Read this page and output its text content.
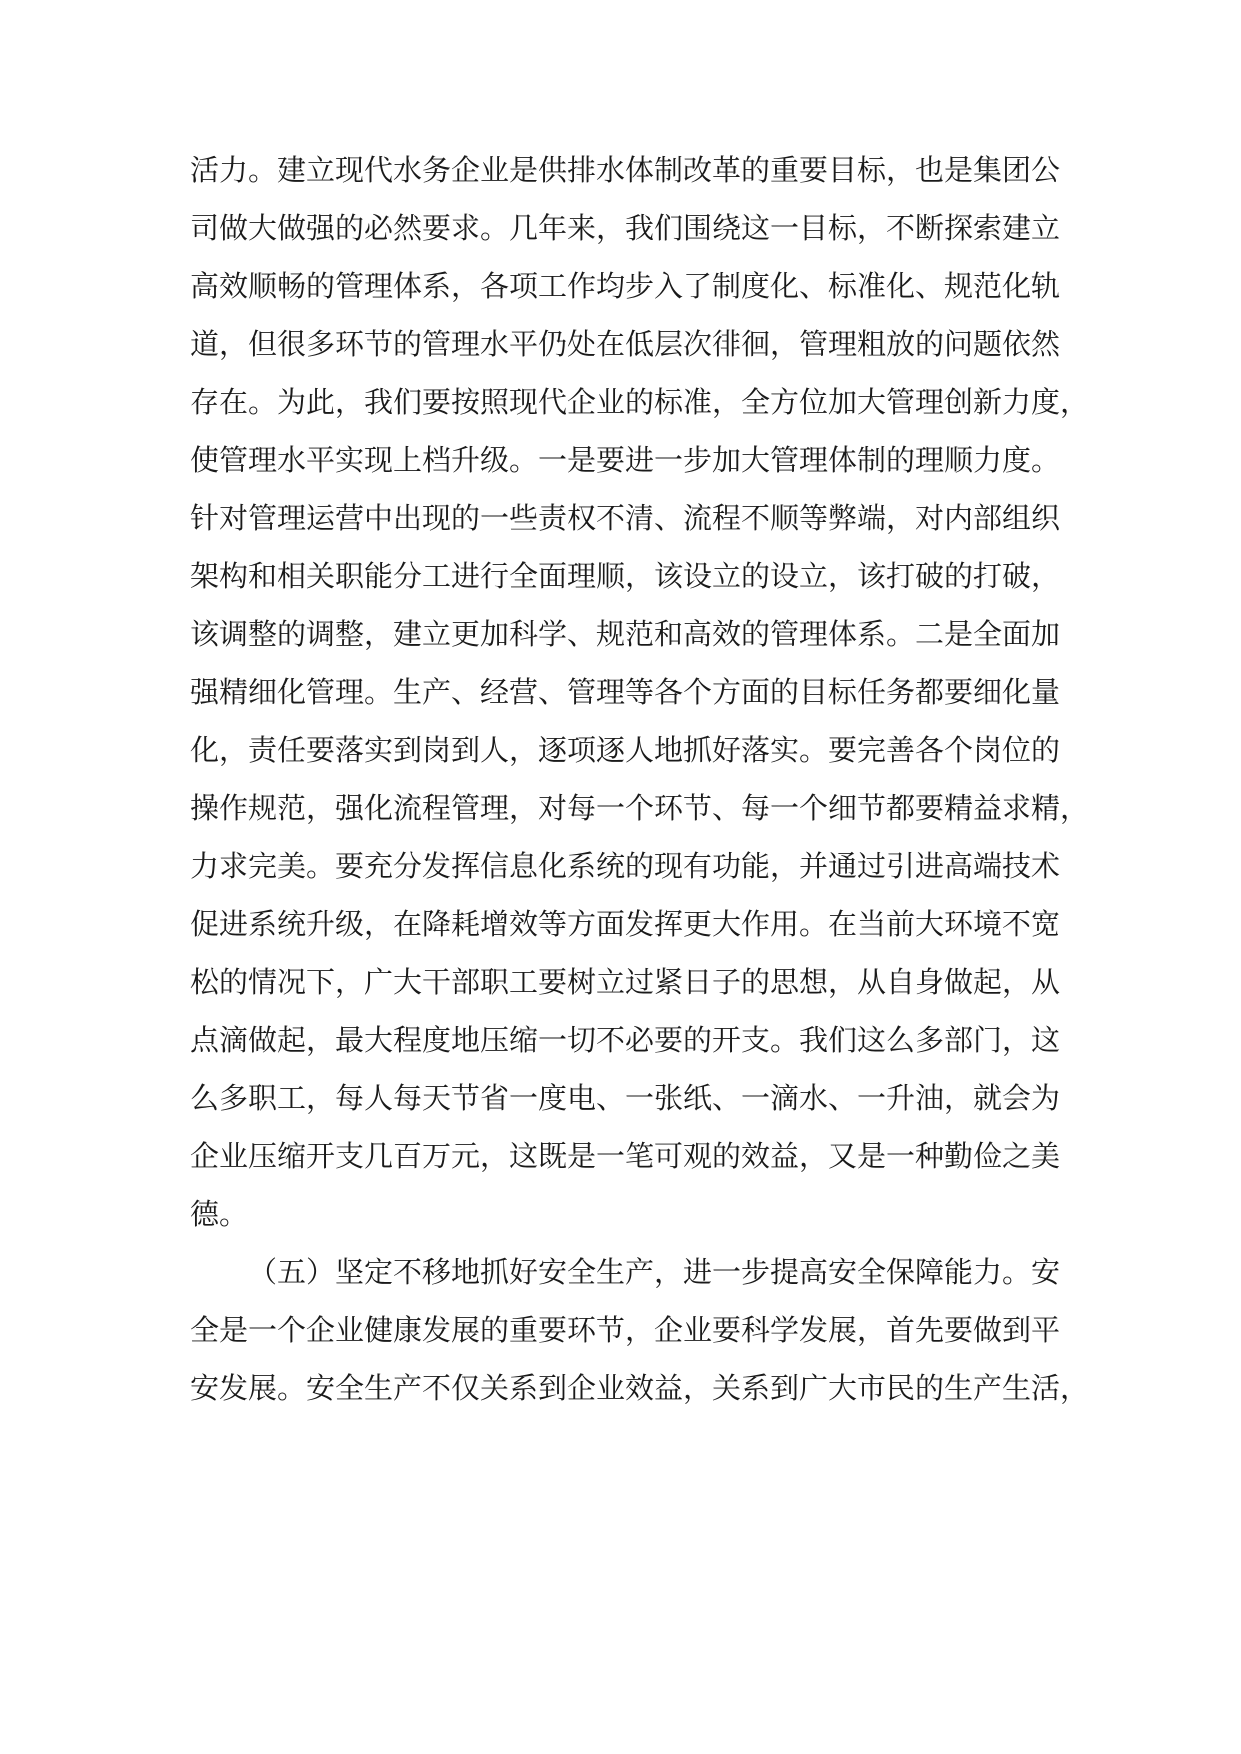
活力。建立现代水务企业是供排水体制改革的重要目标，也是集团公
司做大做强的必然要求。几年来，我们围绕这一目标，不断探索建立
高效顺畅的管理体系，各项工作均步入了制度化、标准化、规范化轨
道，但很多环节的管理水平仍处在低层次徘徊，管理粗放的问题依然
存在。为此，我们要按照现代企业的标准，全方位加大管理创新力度，
使管理水平实现上档升级。一是要进一步加大管理体制的理顺力度。
针对管理运营中出现的一些责权不清、流程不顺等弊端，对内部组织
架构和相关职能分工进行全面理顺，该设立的设立，该打破的打破，
该调整的调整，建立更加科学、规范和高效的管理体系。二是全面加
强精细化管理。生产、经营、管理等各个方面的目标任务都要细化量
化，责任要落实到岗到人，逐项逐人地抓好落实。要完善各个岗位的
操作规范，强化流程管理，对每一个环节、每一个细节都要精益求精，
力求完美。要充分发挥信息化系统的现有功能，并通过引进高端技术
促进系统升级，在降耗增效等方面发挥更大作用。在当前大环境不宽
松的情况下，广大干部职工要树立过紧日子的思想，从自身做起，从
点滴做起，最大程度地压缩一切不必要的开支。我们这么多部门，这
么多职工，每人每天节省一度电、一张纸、一滴水、一升油，就会为
企业压缩开支几百万元，这既是一笔可观的效益，又是一种勤俭之美
德。
（五）坚定不移地抓好安全生产，进一步提高安全保障能力。安
全是一个企业健康发展的重要环节，企业要科学发展，首先要做到平
安发展。安全生产不仅关系到企业效益，关系到广大市民的生产生活，
